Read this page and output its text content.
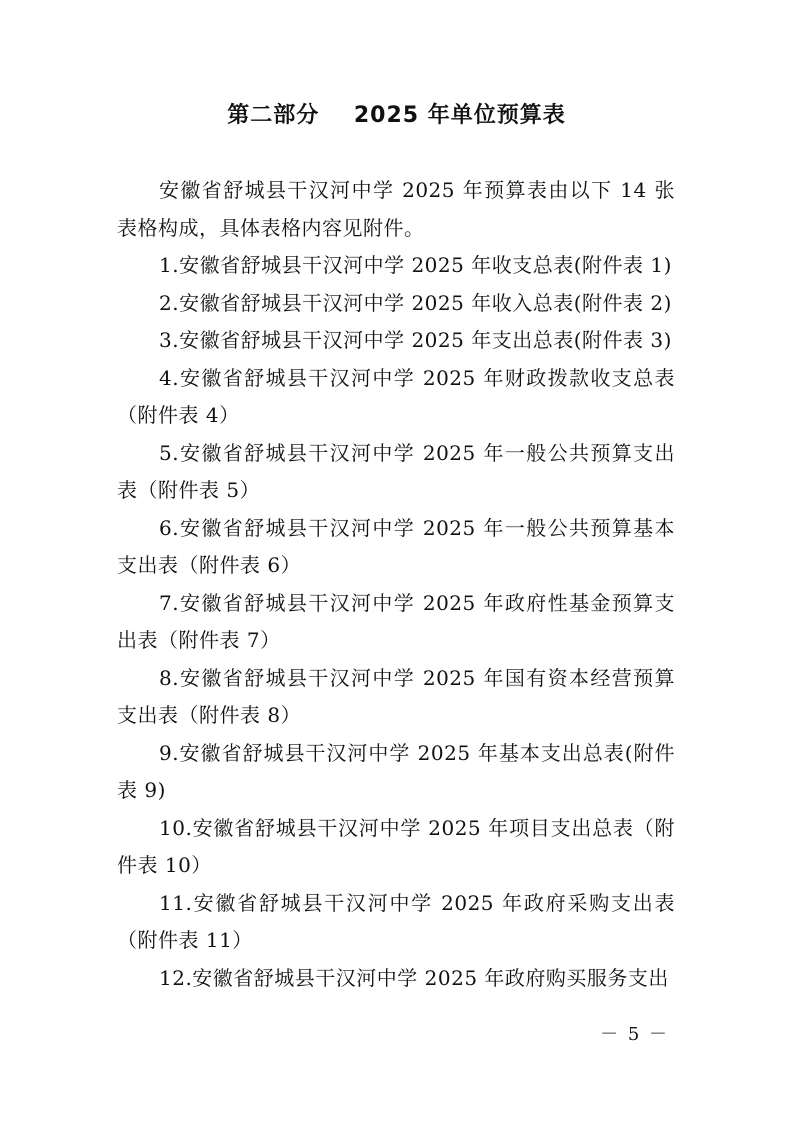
第二部分    2025 年单位预算表
安徽省舒城县干汉河中学 2025 年预算表由以下 14 张表格构成，具体表格内容见附件。
1.安徽省舒城县干汉河中学 2025 年收支总表(附件表 1)
2.安徽省舒城县干汉河中学 2025 年收入总表(附件表 2)
3.安徽省舒城县干汉河中学 2025 年支出总表(附件表 3)
4.安徽省舒城县干汉河中学 2025 年财政拨款收支总表（附件表 4）
5.安徽省舒城县干汉河中学 2025 年一般公共预算支出表（附件表 5）
6.安徽省舒城县干汉河中学 2025 年一般公共预算基本支出表（附件表 6）
7.安徽省舒城县干汉河中学 2025 年政府性基金预算支出表（附件表 7）
8.安徽省舒城县干汉河中学 2025 年国有资本经营预算支出表（附件表 8）
9.安徽省舒城县干汉河中学 2025 年基本支出总表(附件表 9)
10.安徽省舒城县干汉河中学 2025 年项目支出总表（附件表 10）
11.安徽省舒城县干汉河中学 2025 年政府采购支出表（附件表 11）
12.安徽省舒城县干汉河中学 2025 年政府购买服务支出
－ 5 －
